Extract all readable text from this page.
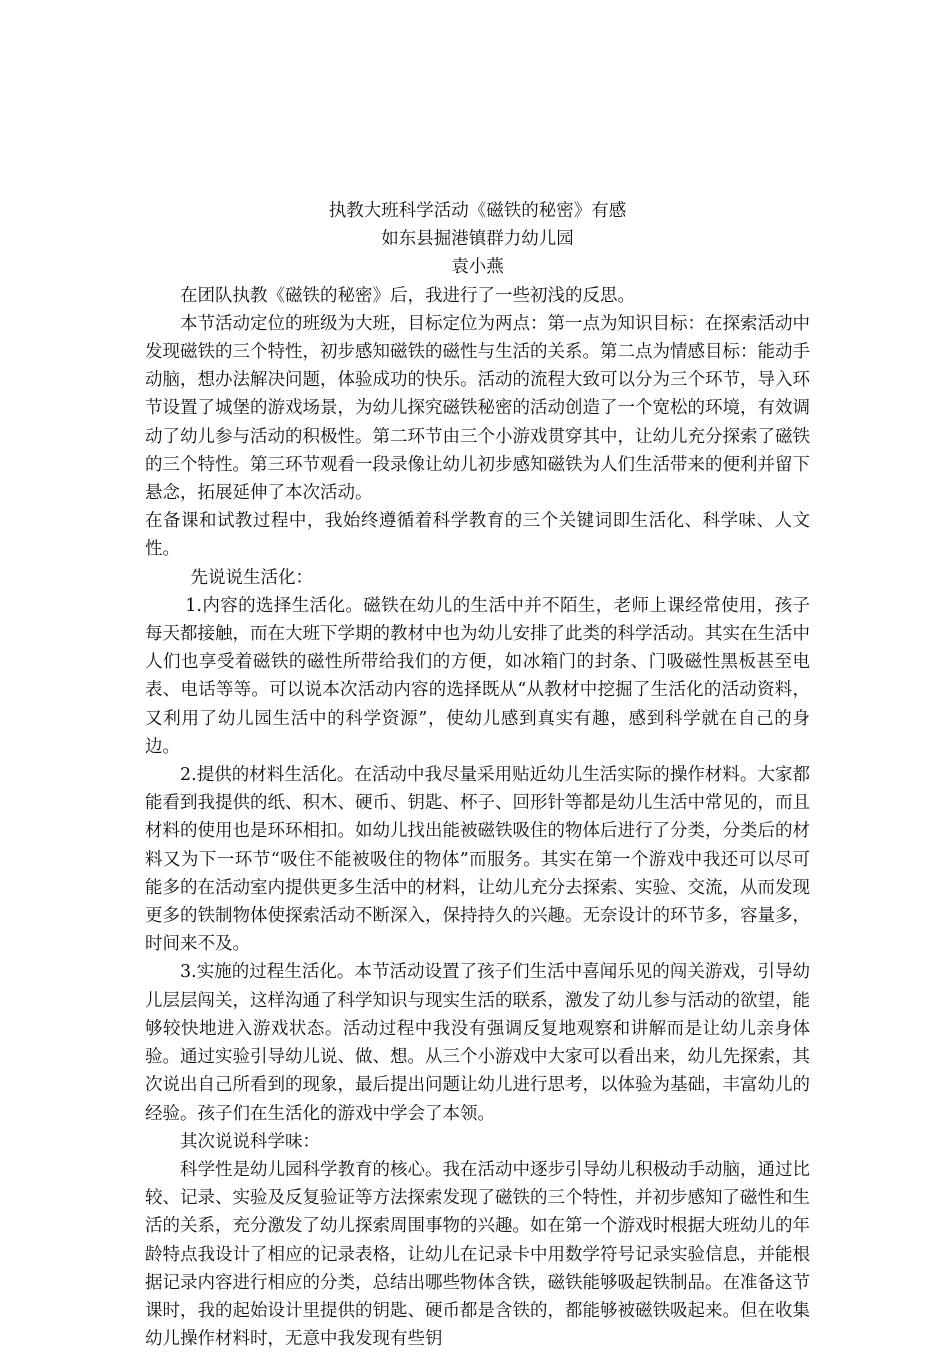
执教大班科学活动《磁铁的秘密》有感

如东县掘港镇群力幼儿园

袁小燕

在团队执教《磁铁的秘密》后，我进行了一些初浅的反思。

本节活动定位的班级为大班，目标定位为两点：第一点为知识目标：在探索活动中发现磁铁的三个特性，初步感知磁铁的磁性与生活的关系。第二点为情感目标：能动手动脑，想办法解决问题，体验成功的快乐。活动的流程大致可以分为三个环节，导入环节设置了城堡的游戏场景，为幼儿探究磁铁秘密的活动创造了一个宽松的环境，有效调动了幼儿参与活动的积极性。第二环节由三个小游戏贯穿其中，让幼儿充分探索了磁铁的三个特性。第三环节观看一段录像让幼儿初步感知磁铁为人们生活带来的便利并留下悬念，拓展延伸了本次活动。

在备课和试教过程中，我始终遵循着科学教育的三个关键词即生活化、科学味、人文性。

先说说生活化：

1.内容的选择生活化。磁铁在幼儿的生活中并不陌生，老师上课经常使用，孩子每天都接触，而在大班下学期的教材中也为幼儿安排了此类的科学活动。其实在生活中人们也享受着磁铁的磁性所带给我们的方便，如冰箱门的封条、门吸磁性黑板甚至电表、电话等等。可以说本次活动内容的选择既从“从教材中挖掘了生活化的活动资料，又利用了幼儿园生活中的科学资源”，使幼儿感到真实有趣，感到科学就在自己的身边。

2.提供的材料生活化。在活动中我尽量采用贴近幼儿生活实际的操作材料。大家都能看到我提供的纸、积木、硬币、钥匙、杯子、回形针等都是幼儿生活中常见的，而且材料的使用也是环环相扣。如幼儿找出能被磁铁吸住的物体后进行了分类，分类后的材料又为下一环节“吸住不能被吸住的物体”而服务。其实在第一个游戏中我还可以尽可能多的在活动室内提供更多生活中的材料，让幼儿充分去探索、实验、交流，从而发现更多的铁制物体使探索活动不断深入，保持持久的兴趣。无奈设计的环节多，容量多，时间来不及。

3.实施的过程生活化。本节活动设置了孩子们生活中喜闻乐见的闯关游戏，引导幼儿层层闯关，这样沟通了科学知识与现实生活的联系，激发了幼儿参与活动的欲望，能够较快地进入游戏状态。活动过程中我没有强调反复地观察和讲解而是让幼儿亲身体验。通过实验引导幼儿说、做、想。从三个小游戏中大家可以看出来，幼儿先探索，其次说出自己所看到的现象，最后提出问题让幼儿进行思考，以体验为基础，丰富幼儿的经验。孩子们在生活化的游戏中学会了本领。

其次说说科学味：

科学性是幼儿园科学教育的核心。我在活动中逐步引导幼儿积极动手动脑，通过比较、记录、实验及反复验证等方法探索发现了磁铁的三个特性，并初步感知了磁性和生活的关系，充分激发了幼儿探索周围事物的兴趣。如在第一个游戏时根据大班幼儿的年龄特点我设计了相应的记录表格，让幼儿在记录卡中用数学符号记录实验信息，并能根据记录内容进行相应的分类，总结出哪些物体含铁，磁铁能够吸起铁制品。在准备这节课时，我的起始设计里提供的钥匙、硬币都是含铁的，都能够被磁铁吸起来。但在收集幼儿操作材料时，无意中我发现有些钥
